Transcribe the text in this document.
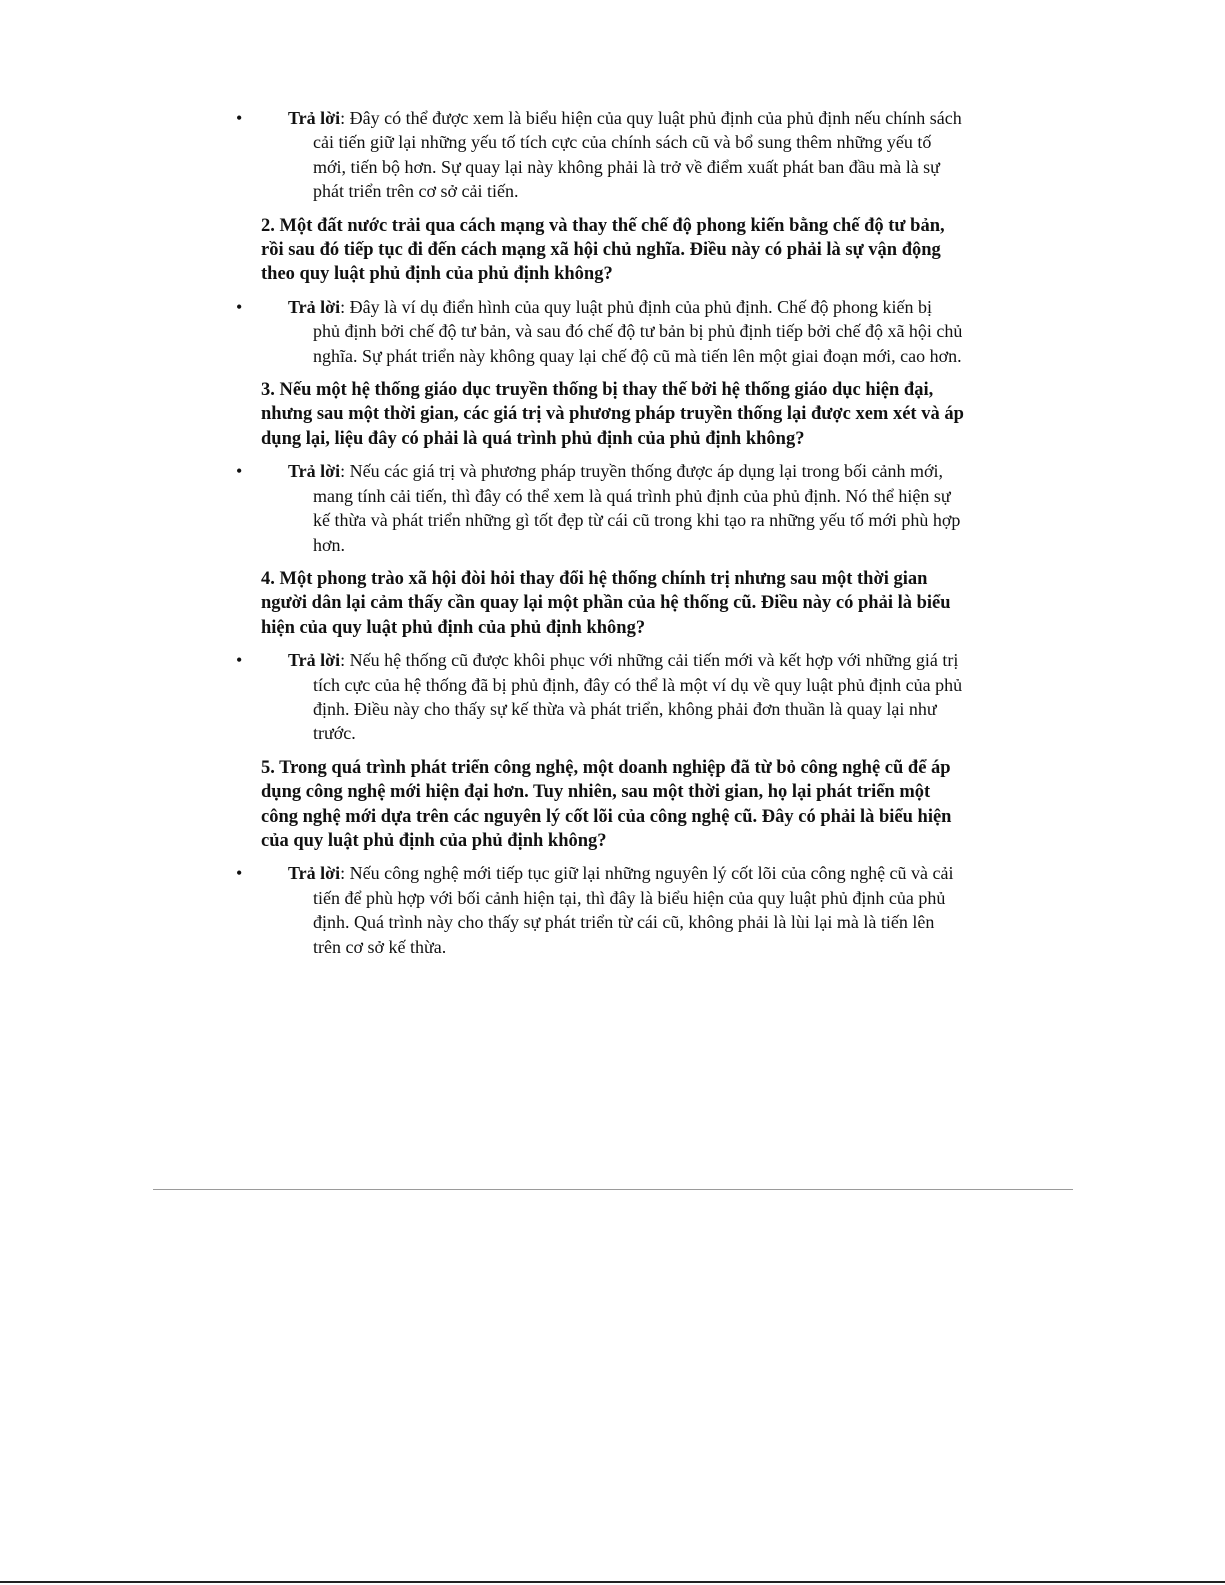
•	Trả lời: Đây có thể được xem là biểu hiện của quy luật phủ định của phủ định nếu chính sách cải tiến giữ lại những yếu tố tích cực của chính sách cũ và bổ sung thêm những yếu tố mới, tiến bộ hơn. Sự quay lại này không phải là trở về điểm xuất phát ban đầu mà là sự phát triển trên cơ sở cải tiến.
2. Một đất nước trải qua cách mạng và thay thế chế độ phong kiến bằng chế độ tư bản, rồi sau đó tiếp tục đi đến cách mạng xã hội chủ nghĩa. Điều này có phải là sự vận động theo quy luật phủ định của phủ định không?
•	Trả lời: Đây là ví dụ điển hình của quy luật phủ định của phủ định. Chế độ phong kiến bị phủ định bởi chế độ tư bản, và sau đó chế độ tư bản bị phủ định tiếp bởi chế độ xã hội chủ nghĩa. Sự phát triển này không quay lại chế độ cũ mà tiến lên một giai đoạn mới, cao hơn.
3. Nếu một hệ thống giáo dục truyền thống bị thay thế bởi hệ thống giáo dục hiện đại, nhưng sau một thời gian, các giá trị và phương pháp truyền thống lại được xem xét và áp dụng lại, liệu đây có phải là quá trình phủ định của phủ định không?
•	Trả lời: Nếu các giá trị và phương pháp truyền thống được áp dụng lại trong bối cảnh mới, mang tính cải tiến, thì đây có thể xem là quá trình phủ định của phủ định. Nó thể hiện sự kế thừa và phát triển những gì tốt đẹp từ cái cũ trong khi tạo ra những yếu tố mới phù hợp hơn.
4. Một phong trào xã hội đòi hỏi thay đổi hệ thống chính trị nhưng sau một thời gian người dân lại cảm thấy cần quay lại một phần của hệ thống cũ. Điều này có phải là biểu hiện của quy luật phủ định của phủ định không?
•	Trả lời: Nếu hệ thống cũ được khôi phục với những cải tiến mới và kết hợp với những giá trị tích cực của hệ thống đã bị phủ định, đây có thể là một ví dụ về quy luật phủ định của phủ định. Điều này cho thấy sự kế thừa và phát triển, không phải đơn thuần là quay lại như trước.
5. Trong quá trình phát triển công nghệ, một doanh nghiệp đã từ bỏ công nghệ cũ để áp dụng công nghệ mới hiện đại hơn. Tuy nhiên, sau một thời gian, họ lại phát triển một công nghệ mới dựa trên các nguyên lý cốt lõi của công nghệ cũ. Đây có phải là biểu hiện của quy luật phủ định của phủ định không?
•	Trả lời: Nếu công nghệ mới tiếp tục giữ lại những nguyên lý cốt lõi của công nghệ cũ và cải tiến để phù hợp với bối cảnh hiện tại, thì đây là biểu hiện của quy luật phủ định của phủ định. Quá trình này cho thấy sự phát triển từ cái cũ, không phải là lùi lại mà là tiến lên trên cơ sở kế thừa.
